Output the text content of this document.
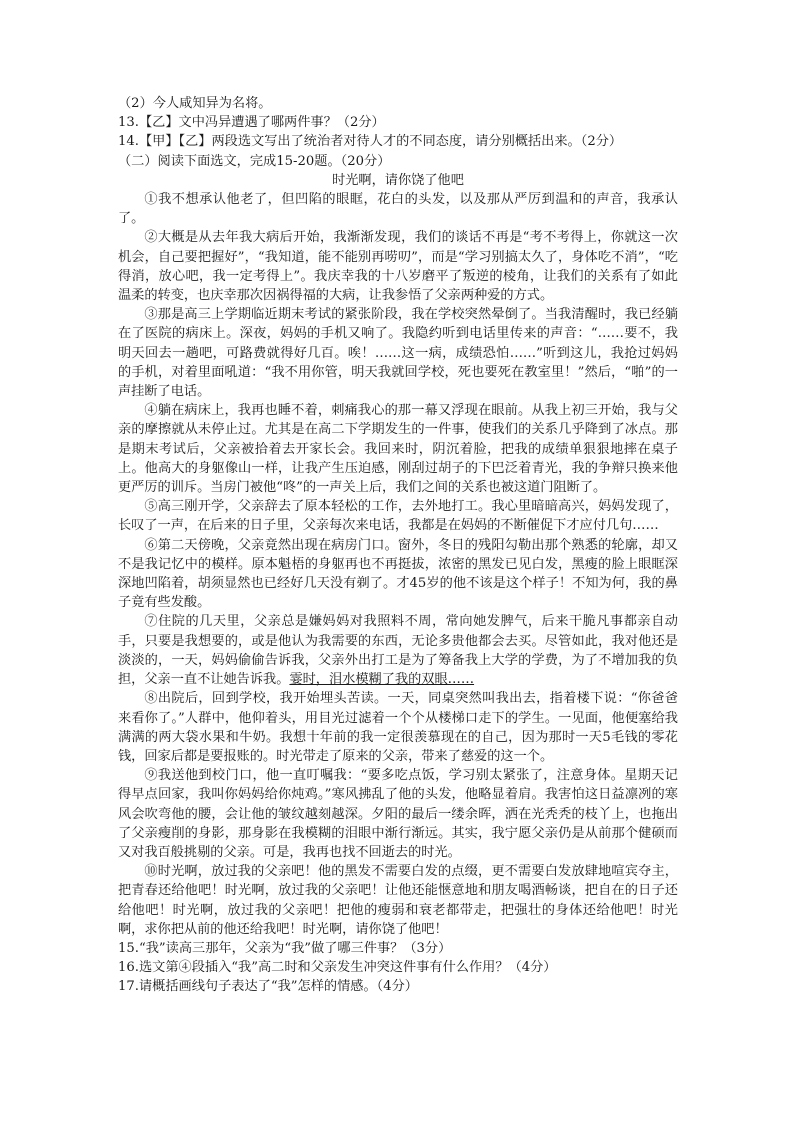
（2）今人咸知异为名将。
13.【乙】文中冯异遭遇了哪两件事？（2分）
14.【甲】【乙】两段选文写出了统治者对待人才的不同态度，请分别概括出来。（2分）
（二）阅读下面选文，完成15-20题。（20分）
时光啊，请你饶了他吧

①我不想承认他老了，但凹陷的眼眶，花白的头发，以及那从严厉到温和的声音，我承认了。

②大概是从去年我大病后开始，我渐渐发现，我们的谈话不再是“考不考得上，你就这一次机会，自己要把握好”，“我知道，能不能别再唠叨”，而是“学习别搞太久了，身体吃不消”，“吃得消，放心吧，我一定考得上”。我庆幸我的十八岁磨平了叛逆的棱角，让我们的关系有了如此温柔的转变，也庆幸那次因祸得福的大病，让我参悟了父亲两种爱的方式。

③那是高三上学期临近期末考试的紧张阶段，我在学校突然晕倒了。当我清醒时，我已经躺在了医院的病床上。深夜，妈妈的手机又响了。我隐约听到电话里传来的声音：“……要不，我明天回去一趟吧，可路费就得好几百。唉！……这一病，成绩恐怕……”听到这儿，我抢过妈妈的手机，对着里面吼道：“我不用你管，明天我就回学校，死也要死在教室里！”然后，“啪”的一声挂断了电话。

④躺在病床上，我再也睡不着，刺痛我心的那一幕又浮现在眼前。从我上初三开始，我与父亲的摩擦就从未停止过。尤其是在高二下学期发生的一件事，使我们的关系几乎降到了冰点。那是期末考试后，父亲被拾着去开家长会。我回来时，阴沉着脸，把我的成绩单狠狠地摔在桌子上。他高大的身躯像山一样，让我产生压迫感，刚刮过胡子的下巴泛着青光，我的争辩只换来他更严厉的训斥。当房门被他“咚”的一声关上后，我们之间的关系也被这道门阻断了。

⑤高三刚开学，父亲辞去了原本轻松的工作，去外地打工。我心里暗暗高兴，妈妈发现了，长叹了一声，在后来的日子里，父亲每次来电话，我都是在妈妈的不断催促下才应付几句……

⑥第二天傍晚，父亲竟然出现在病房门口。窗外，冬日的残阳勾勒出那个熟悉的轮廓，却又不是我记忆中的模样。原本魁梧的身躯再也不再挺拔，浓密的黑发已见白发，黑瘦的脸上眼眶深深地凹陷着，胡须显然也已经好几天没有剃了。才45岁的他不该是这个样子！不知为何，我的鼻子竟有些发酸。

⑦住院的几天里，父亲总是嫌妈妈对我照料不周，常向她发脾气，后来干脆凡事都亲自动手，只要是我想要的，或是他认为我需要的东西，无论多贵他都会去买。尽管如此，我对他还是淡淡的，一天，妈妈偷偷告诉我，父亲外出打工是为了筹备我上大学的学费，为了不增加我的负担，父亲一直不让她告诉我。霎时，泪水模糊了我的双眼……

⑧出院后，回到学校，我开始埋头苦读。一天，同桌突然叫我出去，指着楼下说：“你爸爸来看你了。”人群中，他仰着头，用目光过滤着一个个从楼梯口走下的学生。一见面，他便塞给我满满的两大袋水果和牛奶。我想十年前的我一定很羡慕现在的自己，因为那时一天5毛钱的零花钱，回家后都是要报账的。时光带走了原来的父亲，带来了慈爱的这一个。

⑨我送他到校门口，他一直叮嘱我：“要多吃点饭，学习别太紧张了，注意身体。星期天记得早点回家，我叫你妈妈给你炖鸡。”寒风拂乱了他的头发，他略显着肩。我害怕这日益凛冽的寒风会吹弯他的腰，会让他的皱纹越刻越深。夕阳的最后一缕余晖，洒在光秃秃的枝丫上，也拖出了父亲瘦削的身影，那身影在我模糊的泪眼中渐行渐远。其实，我宁愿父亲仍是从前那个健硕而又对我百般挑剔的父亲。可是，我再也找不回逝去的时光。

⑩时光啊，放过我的父亲吧！他的黑发不需要白发的点缀，更不需要白发放肆地喧宾夺主，把青春还给他吧！时光啊，放过我的父亲吧！让他还能惬意地和朋友喝酒畅谈，把自在的日子还给他吧！时光啊，放过我的父亲吧！把他的瘦弱和衰老都带走，把强壮的身体还给他吧！时光啊，求你把从前的他还给我吧！时光啊，请你饶了他吧！

15.“我”读高三那年，父亲为“我”做了哪三件事？（3分）
16.选文第④段插入“我”高二时和父亲发生冲突这件事有什么作用？（4分）
17.请概括画线句子表达了“我”怎样的情感。（4分）
